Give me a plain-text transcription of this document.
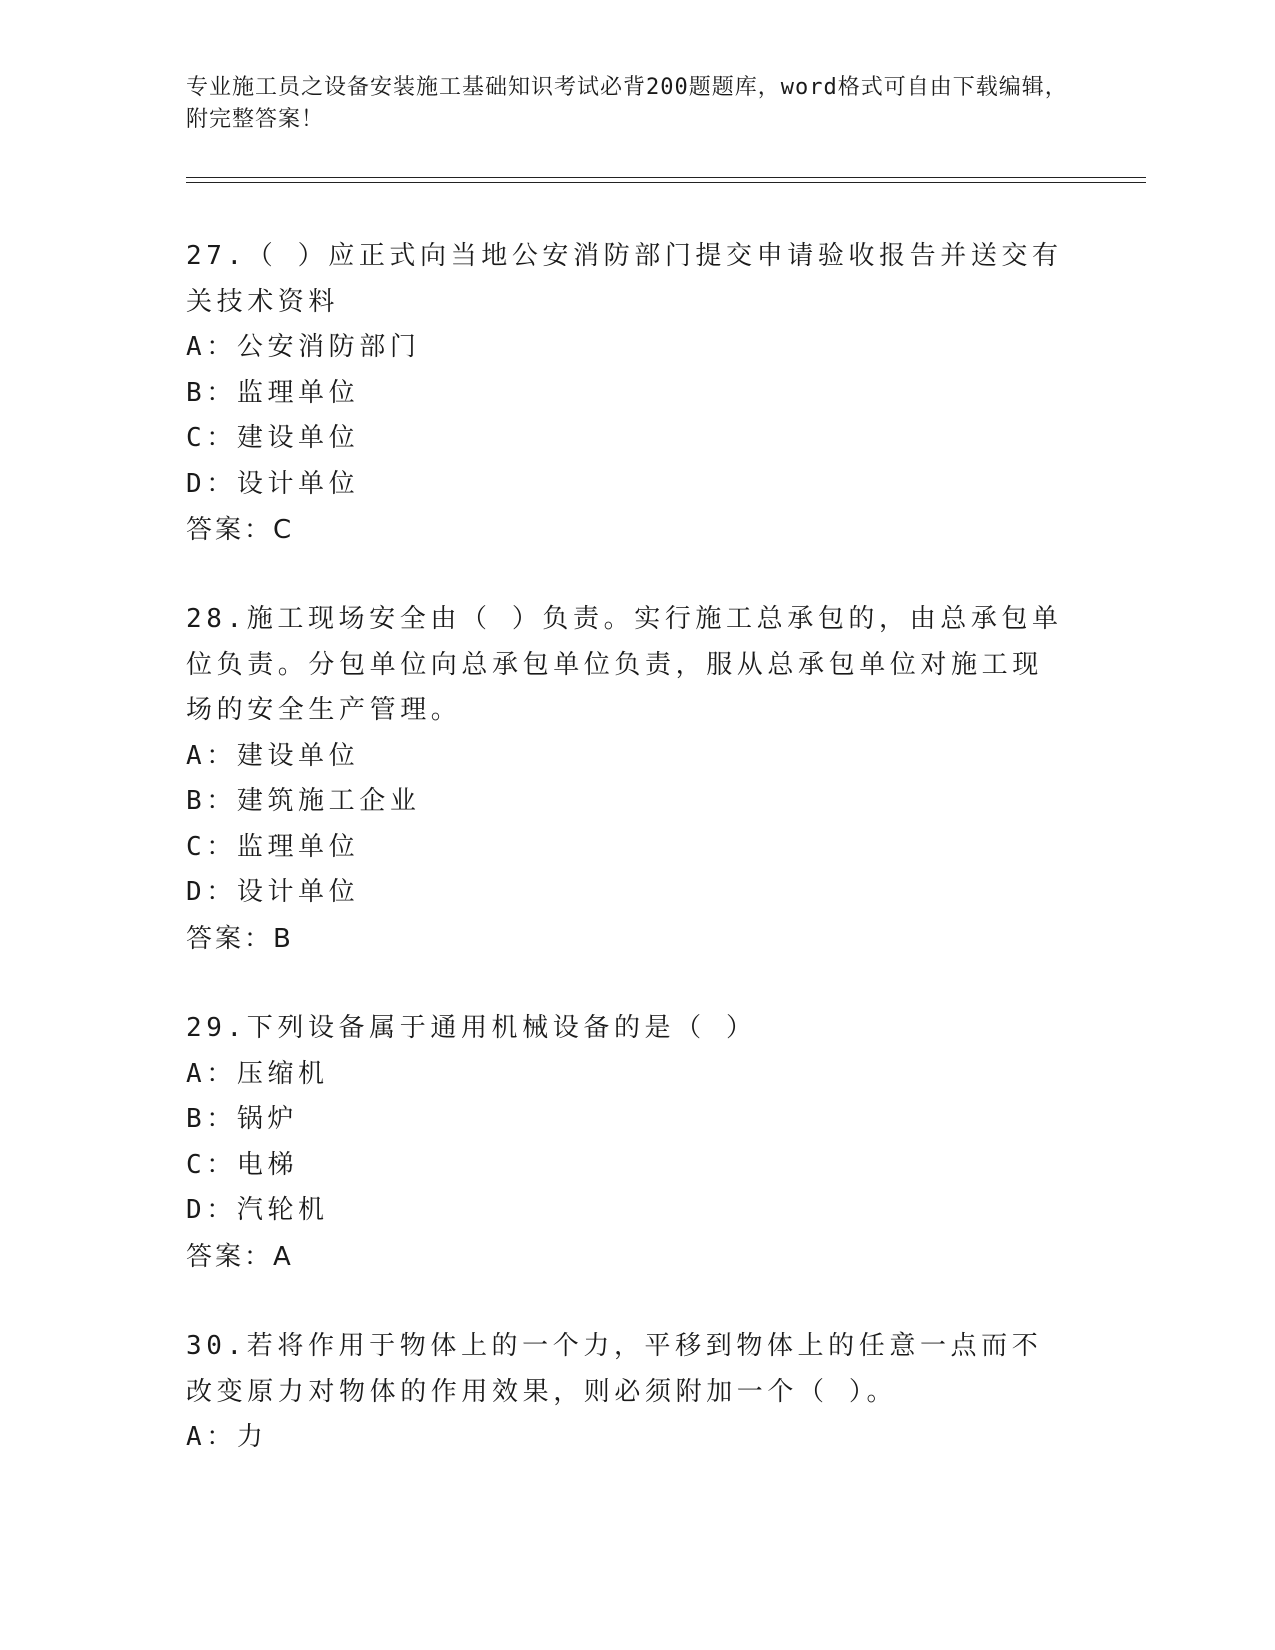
专业施工员之设备安装施工基础知识考试必背200题题库，word格式可自由下载编辑，附完整答案！
27.（ ）应正式向当地公安消防部门提交申请验收报告并送交有关技术资料
A：公安消防部门
B：监理单位
C：建设单位
D：设计单位
答案：C
28.施工现场安全由（ ）负责。实行施工总承包的，由总承包单位负责。分包单位向总承包单位负责，服从总承包单位对施工现场的安全生产管理。
A：建设单位
B：建筑施工企业
C：监理单位
D：设计单位
答案：B
29.下列设备属于通用机械设备的是（ ）
A：压缩机
B：锅炉
C：电梯
D：汽轮机
答案：A
30.若将作用于物体上的一个力，平移到物体上的任意一点而不改变原力对物体的作用效果，则必须附加一个（ ）。
A：力
